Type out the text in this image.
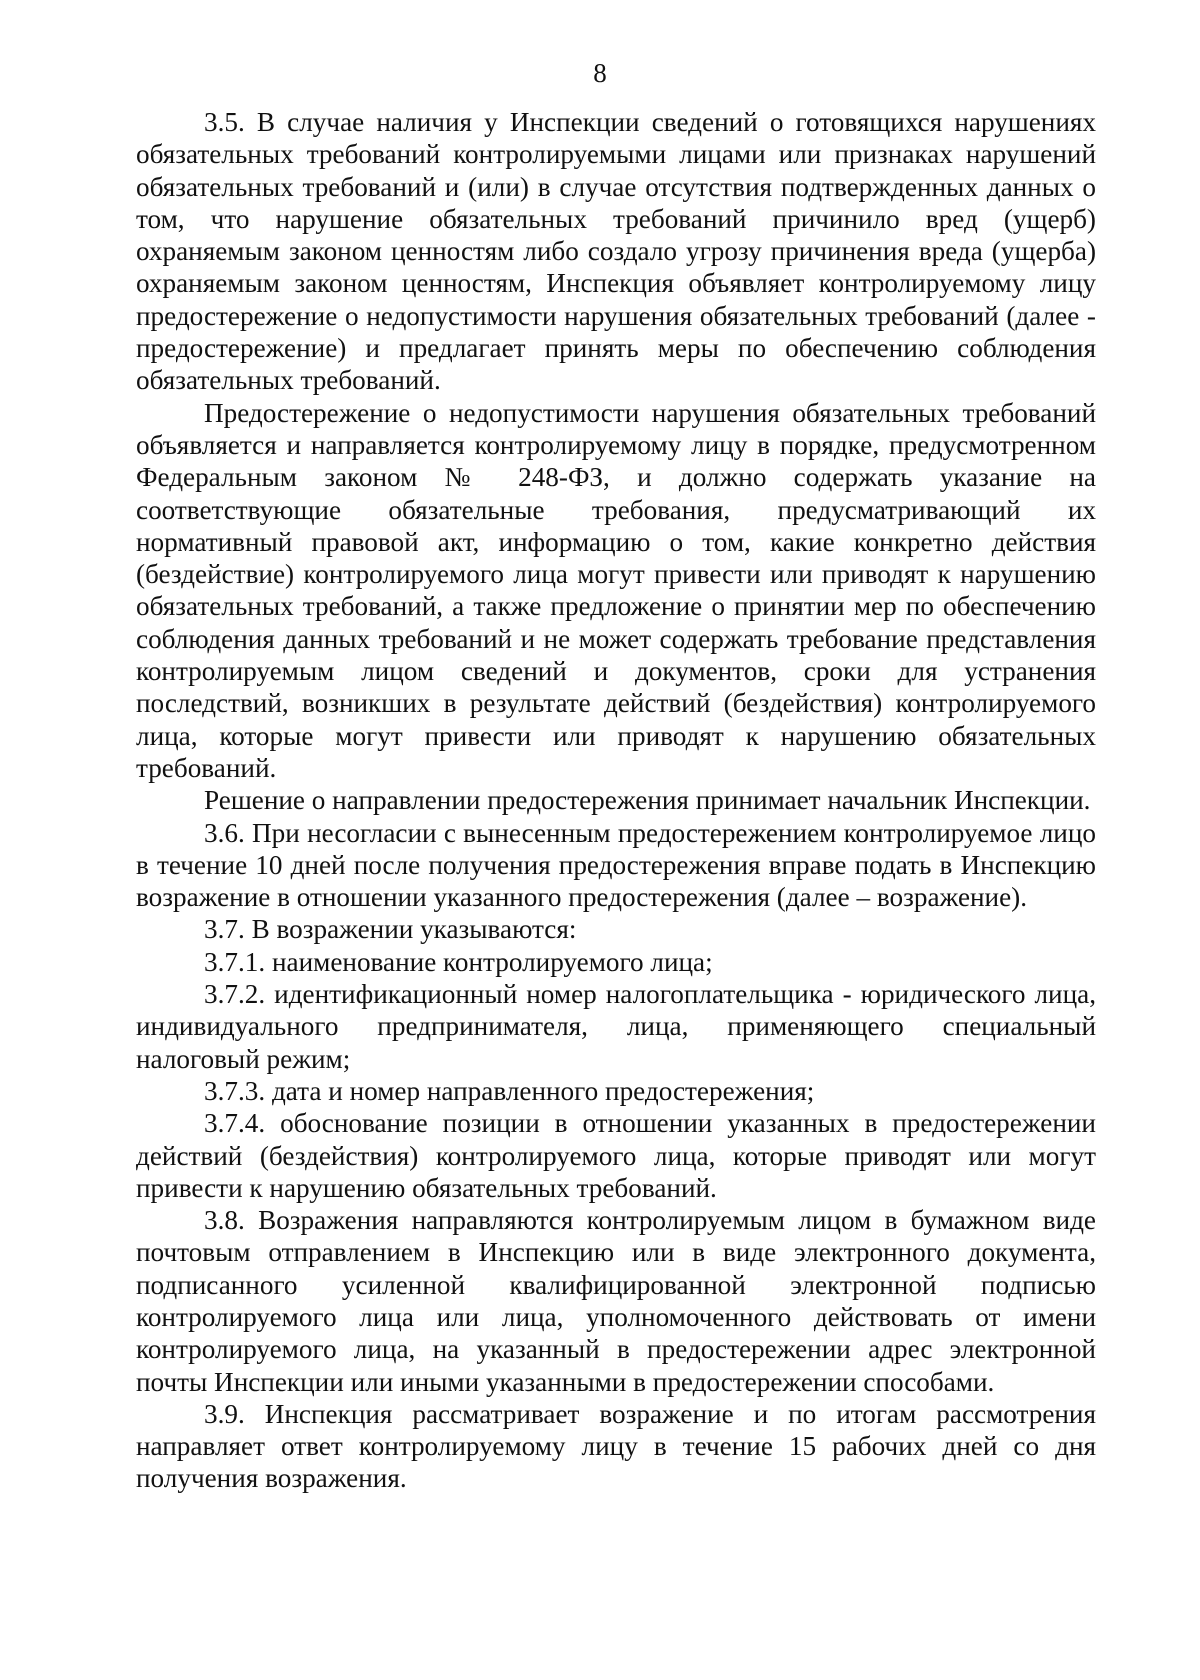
8

3.5. В случае наличия у Инспекции сведений о готовящихся нарушениях обязательных требований контролируемыми лицами или признаках нарушений обязательных требований и (или) в случае отсутствия подтвержденных данных о том, что нарушение обязательных требований причинило вред (ущерб) охраняемым законом ценностям либо создало угрозу причинения вреда (ущерба) охраняемым законом ценностям, Инспекция объявляет контролируемому лицу предостережение о недопустимости нарушения обязательных требований (далее - предостережение) и предлагает принять меры по обеспечению соблюдения обязательных требований.

Предостережение о недопустимости нарушения обязательных требований объявляется и направляется контролируемому лицу в порядке, предусмотренном Федеральным законом № 248-ФЗ, и должно содержать указание на соответствующие обязательные требования, предусматривающий их нормативный правовой акт, информацию о том, какие конкретно действия (бездействие) контролируемого лица могут привести или приводят к нарушению обязательных требований, а также предложение о принятии мер по обеспечению соблюдения данных требований и не может содержать требование представления контролируемым лицом сведений и документов, сроки для устранения последствий, возникших в результате действий (бездействия) контролируемого лица, которые могут привести или приводят к нарушению обязательных требований.

Решение о направлении предостережения принимает начальник Инспекции.

3.6. При несогласии с вынесенным предостережением контролируемое лицо в течение 10 дней после получения предостережения вправе подать в Инспекцию возражение в отношении указанного предостережения (далее – возражение).

3.7. В возражении указываются:

3.7.1. наименование контролируемого лица;

3.7.2. идентификационный номер налогоплательщика - юридического лица, индивидуального предпринимателя, лица, применяющего специальный налоговый режим;

3.7.3. дата и номер направленного предостережения;

3.7.4. обоснование позиции в отношении указанных в предостережении действий (бездействия) контролируемого лица, которые приводят или могут привести к нарушению обязательных требований.

3.8. Возражения направляются контролируемым лицом в бумажном виде почтовым отправлением в Инспекцию или в виде электронного документа, подписанного усиленной квалифицированной электронной подписью контролируемого лица или лица, уполномоченного действовать от имени контролируемого лица, на указанный в предостережении адрес электронной почты Инспекции или иными указанными в предостережении способами.

3.9. Инспекция рассматривает возражение и по итогам рассмотрения направляет ответ контролируемому лицу в течение 15 рабочих дней со дня получения возражения.
